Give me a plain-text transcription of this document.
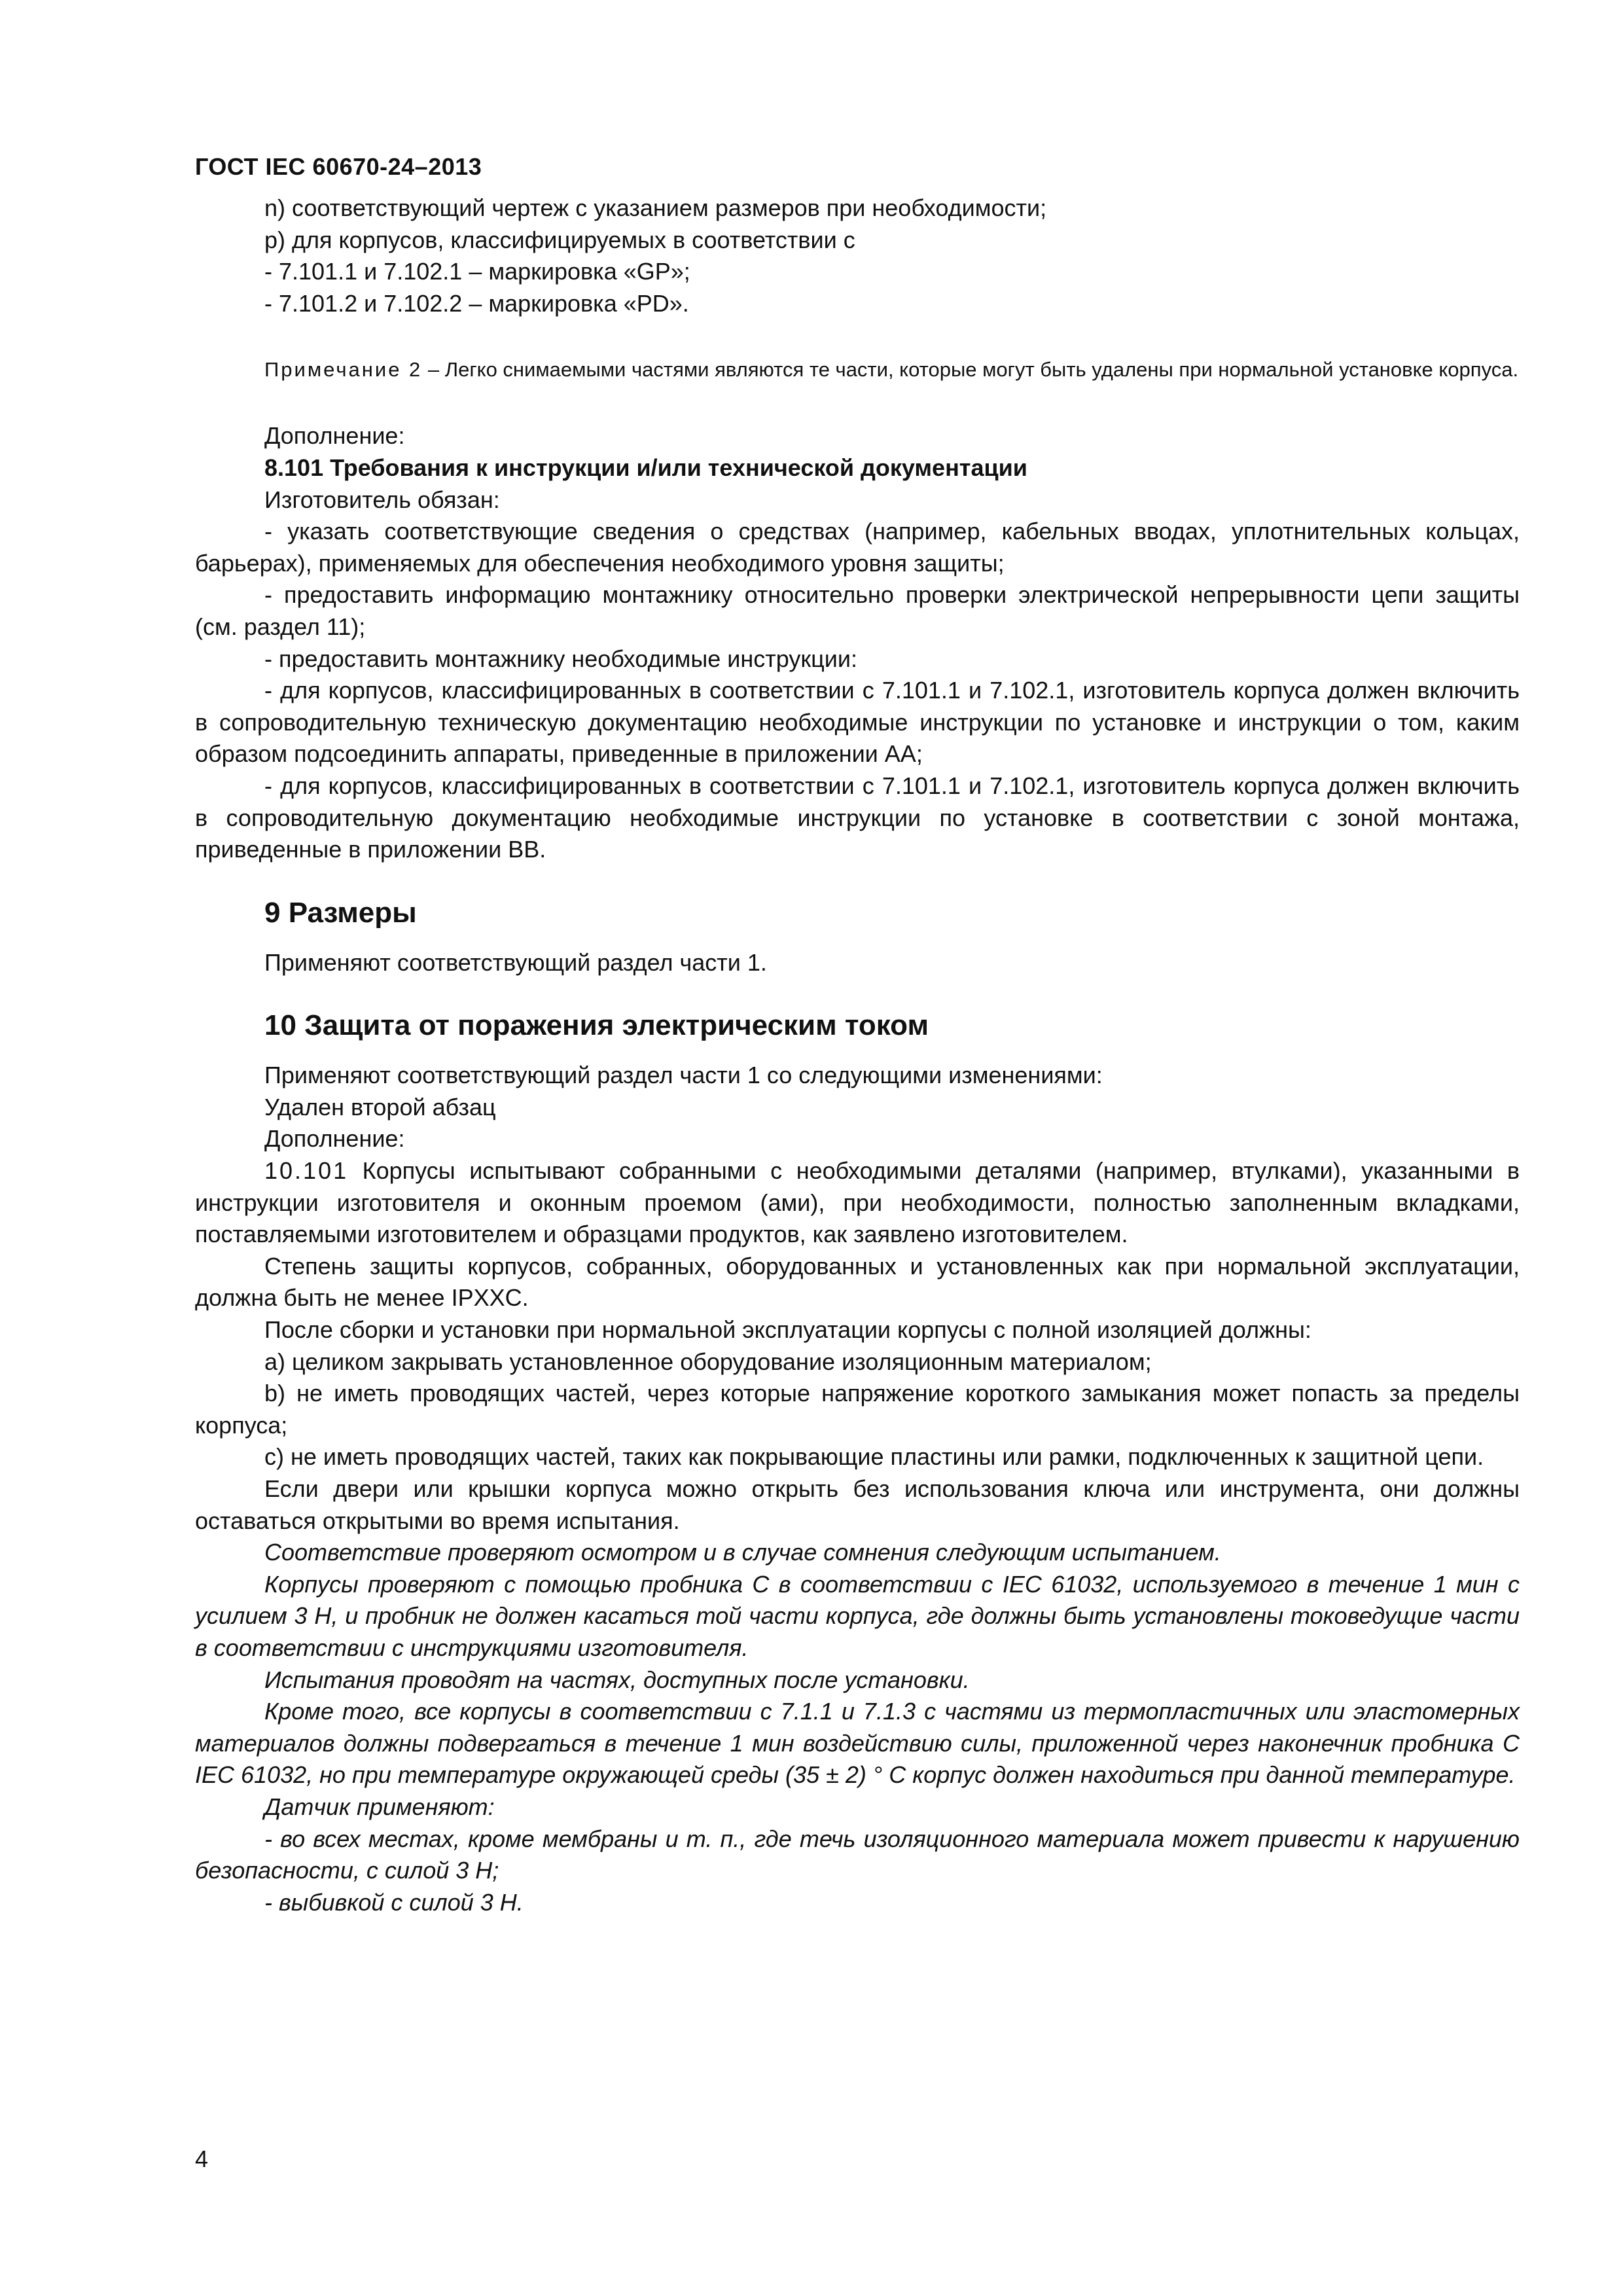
ГОСТ IEC 60670-24–2013

n) соответствующий чертеж с указанием размеров при необходимости;

p) для корпусов, классифицируемых в соответствии с

- 7.101.1 и 7.102.1 – маркировка «GP»;

- 7.101.2 и 7.102.2 – маркировка «PD».

Примечание 2 – Легко снимаемыми частями являются те части, которые могут быть удалены при нормальной установке корпуса.

Дополнение:

8.101 Требования к инструкции и/или технической документации

Изготовитель обязан:

- указать соответствующие сведения о средствах (например, кабельных вводах, уплотнительных кольцах, барьерах), применяемых для обеспечения необходимого уровня защиты;

- предоставить информацию монтажнику относительно проверки электрической непрерывности цепи защиты (см. раздел 11);

- предоставить монтажнику необходимые инструкции:

- для корпусов, классифицированных в соответствии с 7.101.1 и 7.102.1, изготовитель корпуса должен включить в сопроводительную техническую документацию необходимые инструкции по установке и инструкции о том, каким образом подсоединить аппараты, приведенные в приложении АА;

- для корпусов, классифицированных в соответствии с 7.101.1 и 7.102.1, изготовитель корпуса должен включить в сопроводительную документацию необходимые инструкции по установке в соответствии с зоной монтажа, приведенные в приложении ВВ.

9 Размеры

Применяют соответствующий раздел части 1.

10 Защита от поражения электрическим током

Применяют соответствующий раздел части 1 со следующими изменениями:

Удален второй абзац

Дополнение:

10.101 Корпусы испытывают собранными с необходимыми деталями (например, втулками), указанными в инструкции изготовителя и оконным проемом (ами), при необходимости, полностью заполненным вкладками, поставляемыми изготовителем и образцами продуктов, как заявлено изготовителем.

Степень защиты корпусов, собранных, оборудованных и установленных как при нормальной эксплуатации, должна быть не менее IPXXC.

После сборки и установки при нормальной эксплуатации корпусы с полной изоляцией должны:

a) целиком закрывать установленное оборудование изоляционным материалом;

b) не иметь проводящих частей, через которые напряжение короткого замыкания может попасть за пределы корпуса;

c) не иметь проводящих частей, таких как покрывающие пластины или рамки, подключенных к защитной цепи.

Если двери или крышки корпуса можно открыть без использования ключа или инструмента, они должны оставаться открытыми во время испытания.

Соответствие проверяют осмотром и в случае сомнения следующим испытанием.

Корпусы проверяют с помощью пробника С в соответствии с IEC 61032, используемого в течение 1 мин с усилием 3 Н, и пробник не должен касаться той части корпуса, где должны быть установлены токоведущие части в соответствии с инструкциями изготовителя.

Испытания проводят на частях, доступных после установки.

Кроме того, все корпусы в соответствии с 7.1.1 и 7.1.3 с частями из термопластичных или эластомерных материалов должны подвергаться в течение 1 мин воздействию силы, приложенной через наконечник пробника С IEC 61032, но при температуре окружающей среды (35 ± 2) ° С корпус должен находиться при данной температуре.

Датчик применяют:

- во всех местах, кроме мембраны и т. п., где течь изоляционного материала может привести к нарушению безопасности, с силой 3 Н;

- выбивкой с силой 3 Н.

4
